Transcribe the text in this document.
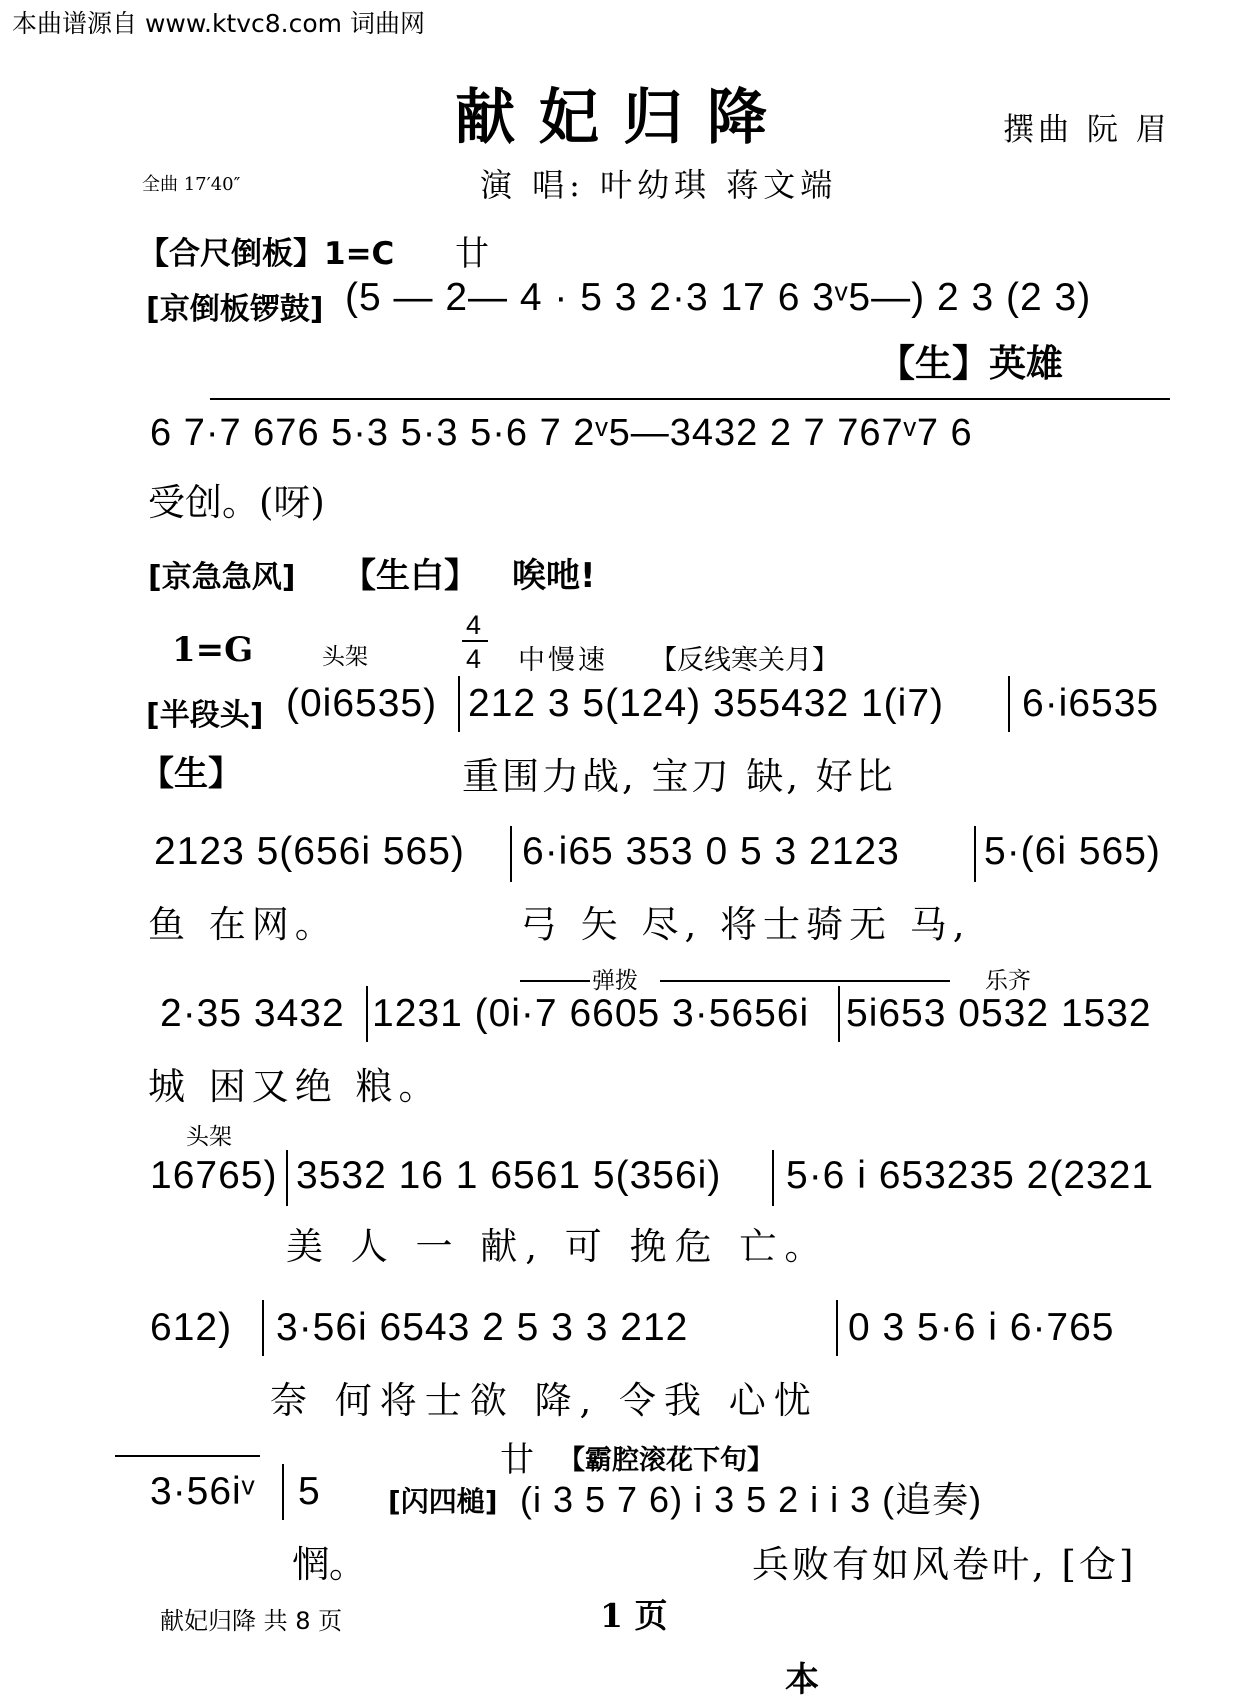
本曲谱源自 www.ktvc8.com 词曲网
献妃归降	撰曲 阮 眉
全曲 17′40″	演 唱: 叶幼琪 蒋文端
【合尺倒板】1=C 廿
[京倒板锣鼓] (5 — 2— 4 · 5 3 2·3 17 6 3ᵛ5—) 2 3 (2 3)
【生】英雄
6 7·7 676 5·3 5·3 5·6 7 2ᵛ5—3432 2 7 767ᵛ7 6
受创。(呀)
[京急急风] 【生白】 唉吔!
1=G	头架
4
4 中慢速 【反线寒关月】
[半段头] (0i6535) 212 3 5(124) 355432 1(i7) 6·i6535
【生】	重围力战, 宝刀 缺, 好比
2123 5(656i 565) 6·i65 353 0 5 3 2123 5·(6i 565)
鱼 在网。	弓 矢 尽, 将士骑无 马,
弹拨	乐齐
2·35 3432 1231 (0i·7 6605 3·5656i 5i653 0532 1532
城 困又绝 粮。
头架
16765) 3532 16 1 6561 5(356i) 5·6 i 653235 2(2321
美 人 一 献, 可 挽危 亡。
612) 3·56i 6543 2 5 3 3 212	0 3 5·6 i 6·765
奈 何将士欲 降, 令我 心忧
廿 【霸腔滚花下句】
3·56iᵛ 5 [闪四槌] (i 3 5 7 6) i 3 5 2 i i 3 (追奏)
惘。	兵败有如风卷叶, [仓]
献妃归降 共 8 页	1 页
本
